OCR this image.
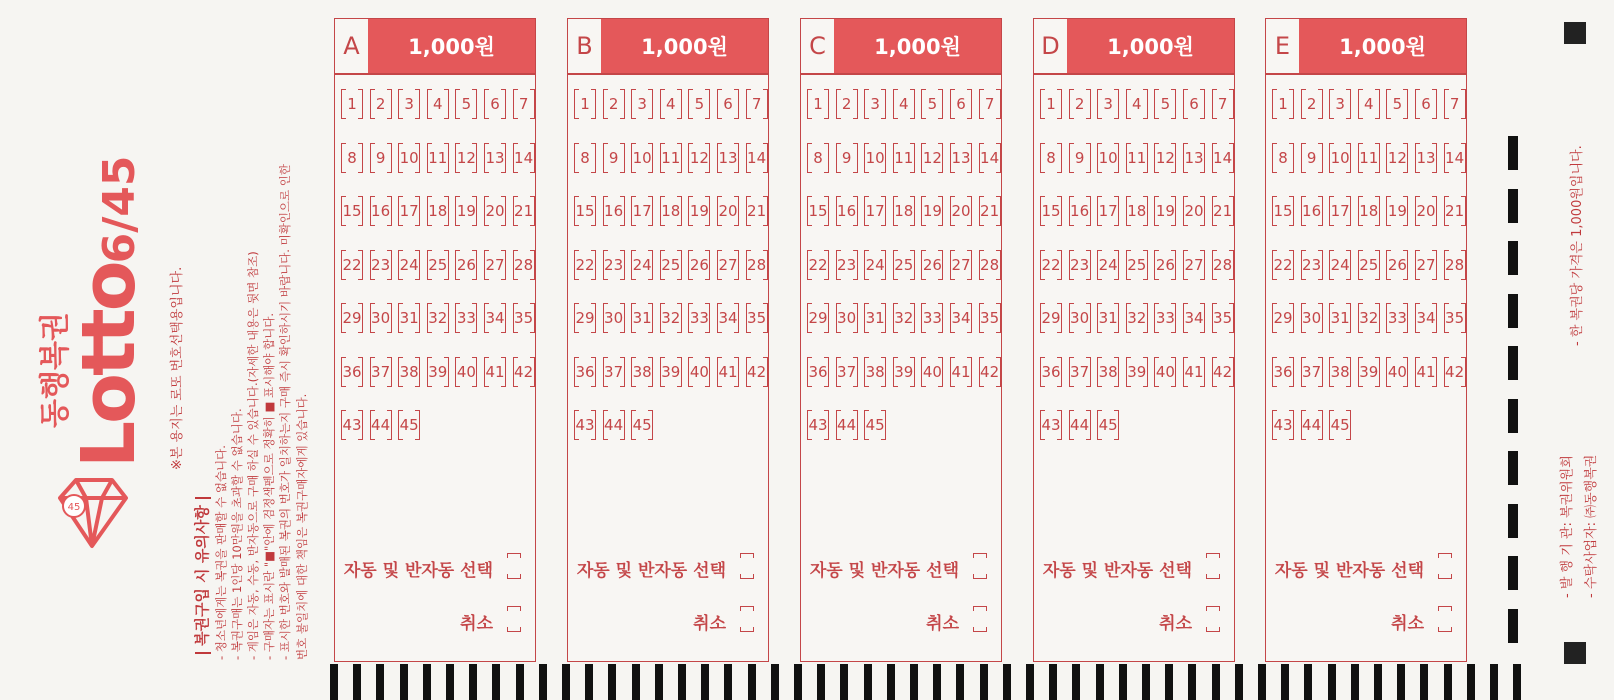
45
동행복권
Lotto6/45
※본 용지는 로또 번호선택용입니다.
복권구입 시 유의사항 - 청소년에게는 복권을 판매할 수 없습니다. - 복권구매는 1인당 10만원을 초과할 수 없습니다. - 게임은 자동, 수동, 반자동으로 구매 하실 수 있습니다.(자세한 내용은 뒷면 참조) - 구매자는 표시란 "■"안에 검정색펜으로 정확히 ■ 표시해야 합니다. - 표시한 번호와 발매된 복권의 번호가 일치하는지 구매 즉시 확인하시기 바랍니다. 미확인으로 인한 번호 불일치에 대한 책임은 복권구매자에게 있습니다.
A	1,000원
1	2	3	4	5	6	7
8	9 10 11 12 13 14
15 16 17 18 19 20 21
22 23 24 25 26 27 28
29 30 31 32 33 34 35
36 37 38 39 40 41 42
43 44 45
자동 및 반자동 선택
취소
B	1,000원
1	2	3	4	5	6	7
8	9 10 11 12 13 14
15 16 17 18 19 20 21
22 23 24 25 26 27 28
29 30 31 32 33 34 35
36 37 38 39 40 41 42
43 44 45
자동 및 반자동 선택
취소
C	1,000원
1	2	3	4	5	6	7
8	9 10 11 12 13 14
15 16 17 18 19 20 21
22 23 24 25 26 27 28
29 30 31 32 33 34 35
36 37 38 39 40 41 42
43 44 45
자동 및 반자동 선택
취소
D	1,000원
1	2	3	4	5	6	7
8	9 10 11 12 13 14
15 16 17 18 19 20 21
22 23 24 25 26 27 28
29 30 31 32 33 34 35
36 37 38 39 40 41 42
43 44 45
자동 및 반자동 선택
취소
E	1,000원
1	2	3	4	5	6	7
8	9 10 11 12 13 14
15 16 17 18 19 20 21
22 23 24 25 26 27 28
29 30 31 32 33 34 35
36 37 38 39 40 41 42
43 44 45
자동 및 반자동 선택
취소
- 발 행 기 관: 복권위원회 - 수탁사업자: ㈜동행복권
- 한 복권당 가격은 1,000원입니다.
